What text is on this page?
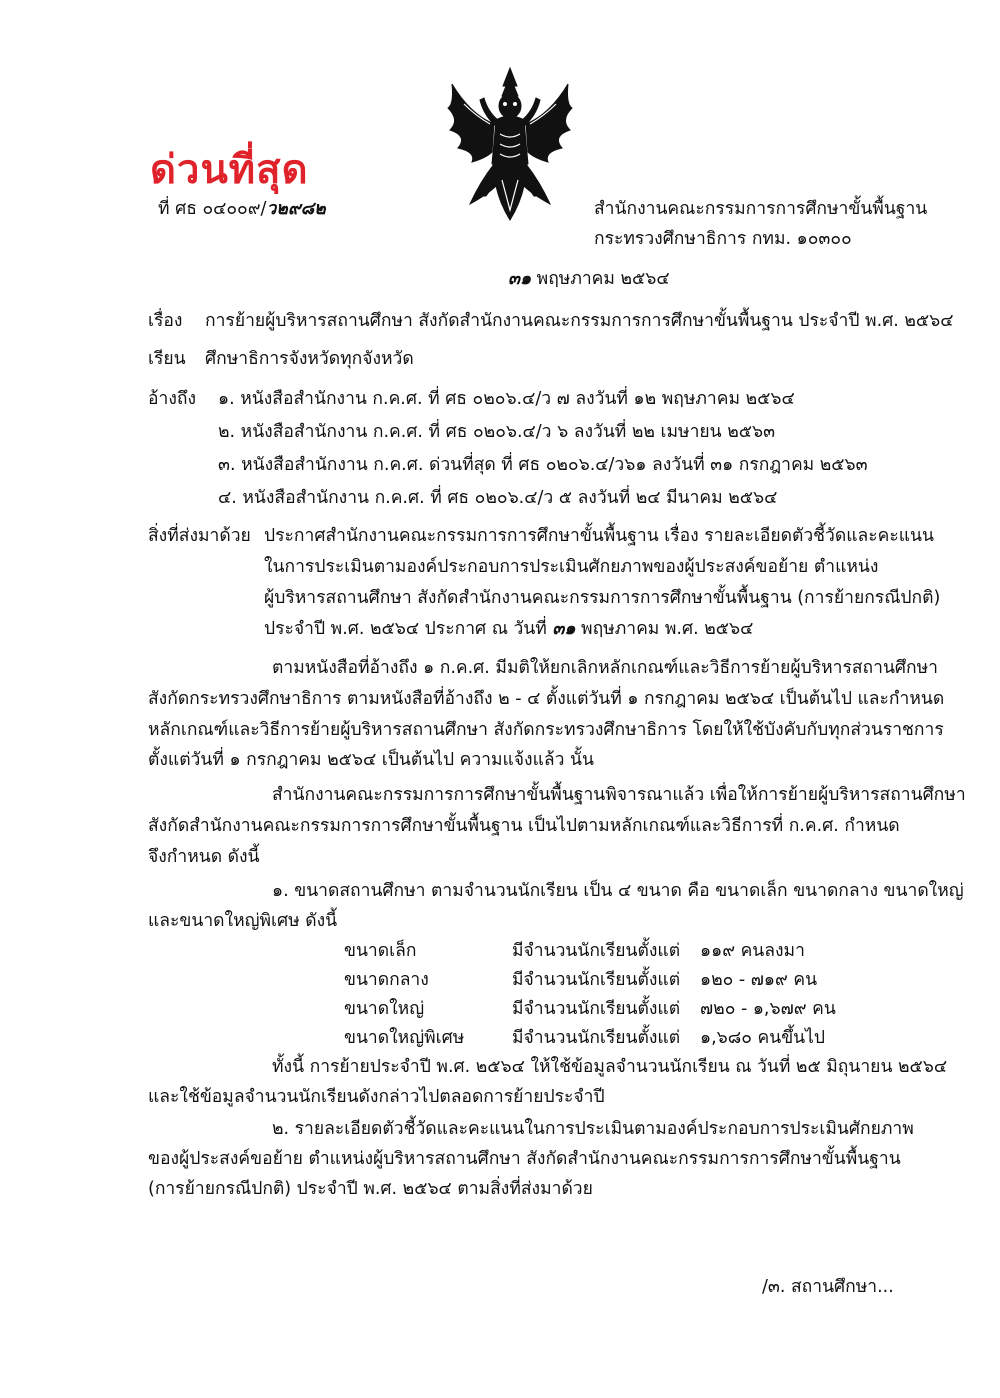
ด่วนที่สุด
ที่ ศธ ๐๔๐๐๙/ว๒๙๘๒	สำนักงานคณะกรรมการการศึกษาขั้นพื้นฐาน
กระทรวงศึกษาธิการ กทม. ๑๐๓๐๐
๓๑ พฤษภาคม ๒๕๖๔
เรื่อง การย้ายผู้บริหารสถานศึกษา สังกัดสำนักงานคณะกรรมการการศึกษาขั้นพื้นฐาน ประจำปี พ.ศ. ๒๕๖๔
เรียน ศึกษาธิการจังหวัดทุกจังหวัด
อ้างถึง ๑. หนังสือสำนักงาน ก.ค.ศ. ที่ ศธ ๐๒๐๖.๔/ว ๗ ลงวันที่ ๑๒ พฤษภาคม ๒๕๖๔
๒. หนังสือสำนักงาน ก.ค.ศ. ที่ ศธ ๐๒๐๖.๔/ว ๖ ลงวันที่ ๒๒ เมษายน ๒๕๖๓
๓. หนังสือสำนักงาน ก.ค.ศ. ด่วนที่สุด ที่ ศธ ๐๒๐๖.๔/ว๖๑ ลงวันที่ ๓๑ กรกฎาคม ๒๕๖๓
๔. หนังสือสำนักงาน ก.ค.ศ. ที่ ศธ ๐๒๐๖.๔/ว ๕ ลงวันที่ ๒๔ มีนาคม ๒๕๖๔
สิ่งที่ส่งมาด้วย ประกาศสำนักงานคณะกรรมการการศึกษาขั้นพื้นฐาน เรื่อง รายละเอียดตัวชี้วัดและคะแนน
ในการประเมินตามองค์ประกอบการประเมินศักยภาพของผู้ประสงค์ขอย้าย ตำแหน่ง
ผู้บริหารสถานศึกษา สังกัดสำนักงานคณะกรรมการการศึกษาขั้นพื้นฐาน (การย้ายกรณีปกติ)
ประจำปี พ.ศ. ๒๕๖๔ ประกาศ ณ วันที่ ๓๑ พฤษภาคม พ.ศ. ๒๕๖๔
ตามหนังสือที่อ้างถึง ๑ ก.ค.ศ. มีมติให้ยกเลิกหลักเกณฑ์และวิธีการย้ายผู้บริหารสถานศึกษา
สังกัดกระทรวงศึกษาธิการ ตามหนังสือที่อ้างถึง ๒ - ๔ ตั้งแต่วันที่ ๑ กรกฎาคม ๒๕๖๔ เป็นต้นไป และกำหนด
หลักเกณฑ์และวิธีการย้ายผู้บริหารสถานศึกษา สังกัดกระทรวงศึกษาธิการ โดยให้ใช้บังคับกับทุกส่วนราชการ
ตั้งแต่วันที่ ๑ กรกฎาคม ๒๕๖๔ เป็นต้นไป ความแจ้งแล้ว นั้น
สำนักงานคณะกรรมการการศึกษาขั้นพื้นฐานพิจารณาแล้ว เพื่อให้การย้ายผู้บริหารสถานศึกษา
สังกัดสำนักงานคณะกรรมการการศึกษาขั้นพื้นฐาน เป็นไปตามหลักเกณฑ์และวิธีการที่ ก.ค.ศ. กำหนด
จึงกำหนด ดังนี้
๑. ขนาดสถานศึกษา ตามจำนวนนักเรียน เป็น ๔ ขนาด คือ ขนาดเล็ก ขนาดกลาง ขนาดใหญ่
และขนาดใหญ่พิเศษ ดังนี้
ขนาดเล็ก	มีจำนวนนักเรียนตั้งแต่ ๑๑๙ คนลงมา
ขนาดกลาง	มีจำนวนนักเรียนตั้งแต่ ๑๒๐ - ๗๑๙ คน
ขนาดใหญ่	มีจำนวนนักเรียนตั้งแต่ ๗๒๐ - ๑,๖๗๙ คน
ขนาดใหญ่พิเศษ	มีจำนวนนักเรียนตั้งแต่ ๑,๖๘๐ คนขึ้นไป
ทั้งนี้ การย้ายประจำปี พ.ศ. ๒๕๖๔ ให้ใช้ข้อมูลจำนวนนักเรียน ณ วันที่ ๒๕ มิถุนายน ๒๕๖๔
และใช้ข้อมูลจำนวนนักเรียนดังกล่าวไปตลอดการย้ายประจำปี
๒. รายละเอียดตัวชี้วัดและคะแนนในการประเมินตามองค์ประกอบการประเมินศักยภาพ
ของผู้ประสงค์ขอย้าย ตำแหน่งผู้บริหารสถานศึกษา สังกัดสำนักงานคณะกรรมการการศึกษาขั้นพื้นฐาน
(การย้ายกรณีปกติ) ประจำปี พ.ศ. ๒๕๖๔ ตามสิ่งที่ส่งมาด้วย
/๓. สถานศึกษา...
